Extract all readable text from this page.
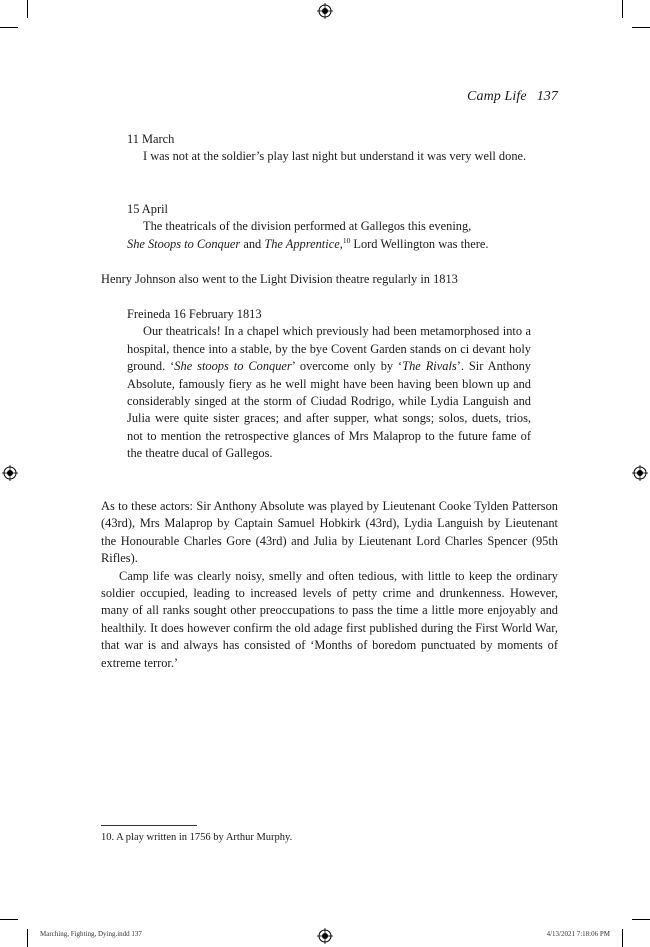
Camp Life 137
11 March

I was not at the soldier’s play last night but understand it was very well done.

15 April

The theatricals of the division performed at Gallegos this evening,
She Stoops to Conquer and The Apprentice,$^{10}$ Lord Wellington was there.

Henry Johnson also went to the Light Division theatre regularly in 1813

Freineda 16 February 1813

Our theatricals! In a chapel which previously had been metamorphosed into a hospital, thence into a stable, by the bye Covent Garden stands on ci devant holy ground. ‘She stoops to Conquer’ overcome only by ‘The Rivals’. Sir Anthony Absolute, famously fiery as he well might have been having been blown up and considerably singed at the storm of Ciudad Rodrigo, while Lydia Languish and Julia were quite sister graces; and after supper, what songs; solos, duets, trios, not to mention the retrospective glances of Mrs Malaprop to the future fame of the theatre ducal of Gallegos.

As to these actors: Sir Anthony Absolute was played by Lieutenant Cooke Tylden Patterson (43rd), Mrs Malaprop by Captain Samuel Hobkirk (43rd), Lydia Languish by Lieutenant the Honourable Charles Gore (43rd) and Julia by Lieutenant Lord Charles Spencer (95th Rifles).

Camp life was clearly noisy, smelly and often tedious, with little to keep the ordinary soldier occupied, leading to increased levels of petty crime and drunkenness. However, many of all ranks sought other preoccupations to pass the time a little more enjoyably and healthily. It does however confirm the old adage first published during the First World War, that war is and always has consisted of ‘Months of boredom punctuated by moments of extreme terror.’

10. A play written in 1756 by Arthur Murphy.
Marching, Fighting, Dying.indd 137	4/13/2021 7:18:06 PM
